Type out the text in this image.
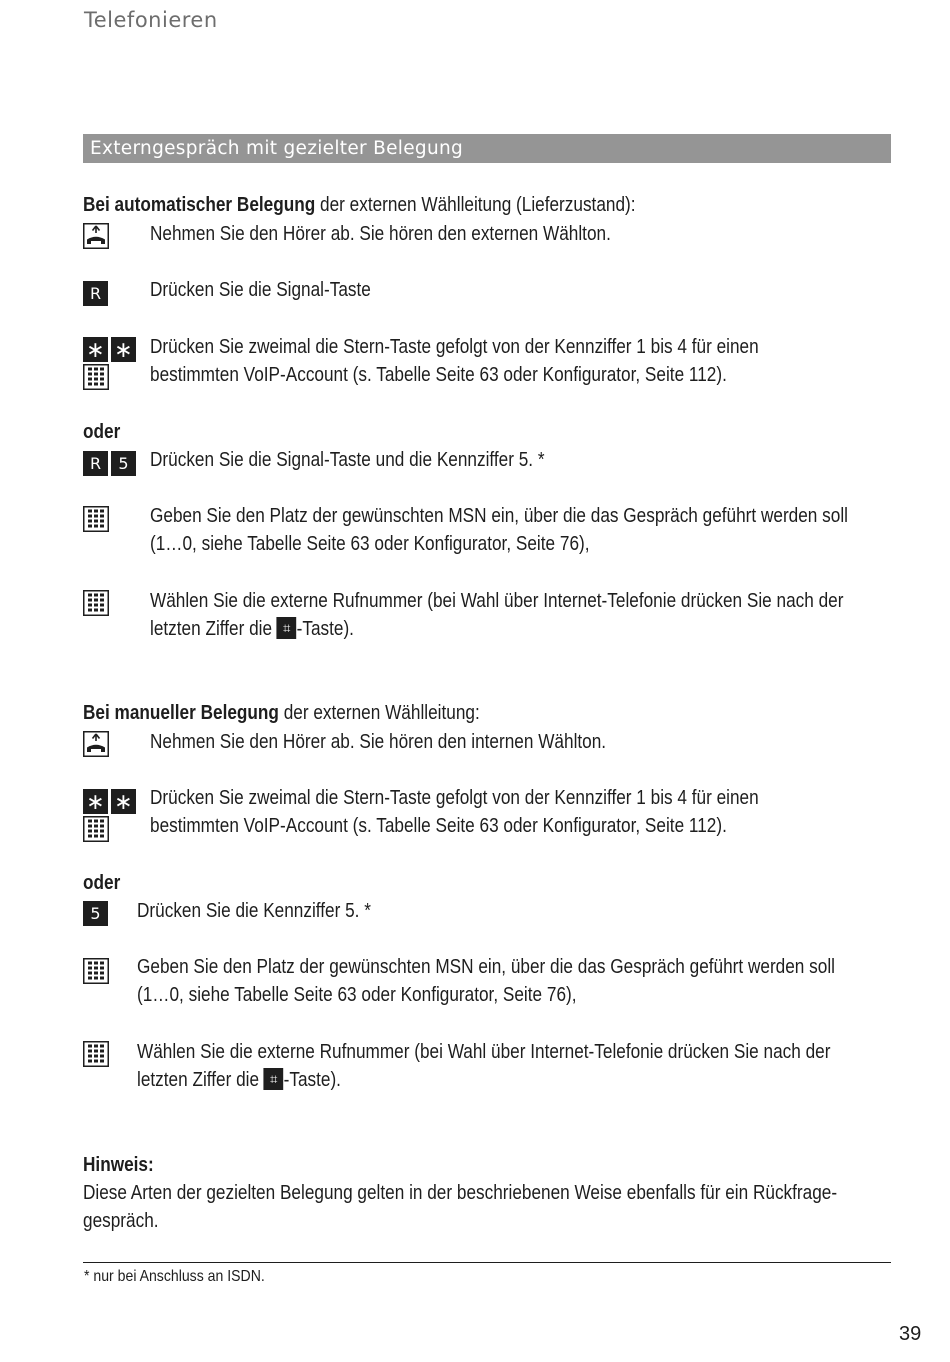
Telefonieren
Externgespräch mit gezielter Belegung
Bei automatischer Belegung der externen Wählleitung (Lieferzustand):
Nehmen Sie den Hörer ab. Sie hören den externen Wählton.
R	Drücken Sie die Signal-Taste
∗ ∗ Drücken Sie zweimal die Stern-Taste gefolgt von der Kennziffer 1 bis 4 für einen
bestimmten VoIP-Account (s. Tabelle Seite 63 oder Konfigurator, Seite 112).
oder
R	5	Drücken Sie die Signal-Taste und die Kennziffer 5. *
Geben Sie den Platz der gewünschten MSN ein, über die das Gespräch geführt werden soll
(1…0, siehe Tabelle Seite 63 oder Konfigurator, Seite 76),
Wählen Sie die externe Rufnummer (bei Wahl über Internet-Telefonie drücken Sie nach der
letzten Ziffer die ⌗ -Taste).
Bei manueller Belegung der externen Wählleitung:
Nehmen Sie den Hörer ab. Sie hören den internen Wählton.
∗ ∗ Drücken Sie zweimal die Stern-Taste gefolgt von der Kennziffer 1 bis 4 für einen
bestimmten VoIP-Account (s. Tabelle Seite 63 oder Konfigurator, Seite 112).
oder
5	Drücken Sie die Kennziffer 5. *
Geben Sie den Platz der gewünschten MSN ein, über die das Gespräch geführt werden soll
(1…0, siehe Tabelle Seite 63 oder Konfigurator, Seite 76),
Wählen Sie die externe Rufnummer (bei Wahl über Internet-Telefonie drücken Sie nach der
letzten Ziffer die ⌗ -Taste).
Hinweis:
Diese Arten der gezielten Belegung gelten in der beschriebenen Weise ebenfalls für ein Rückfrage-
gespräch.
* nur bei Anschluss an ISDN.
39
